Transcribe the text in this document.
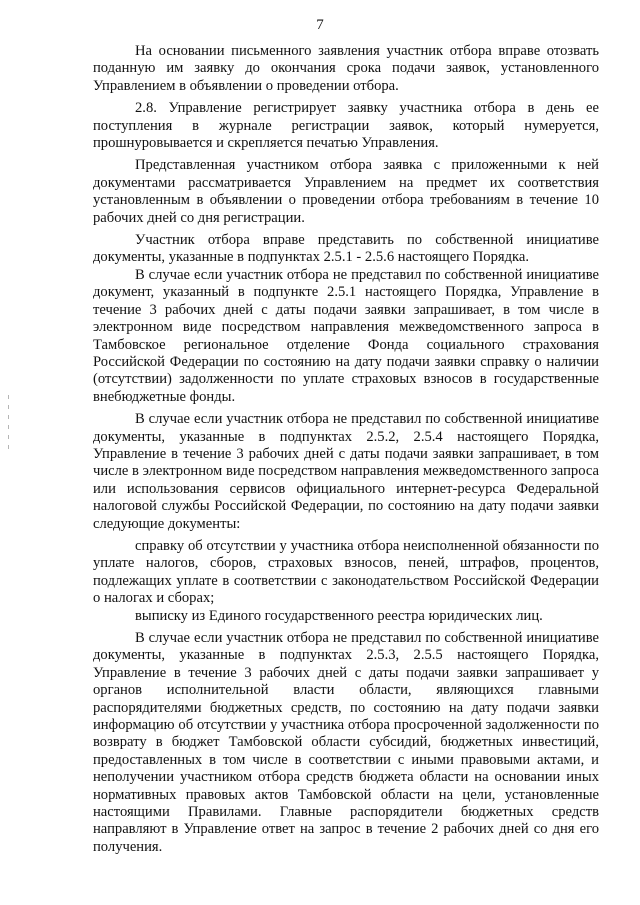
7

На основании письменного заявления участник отбора вправе отозвать поданную им заявку до окончания срока подачи заявок, установленного Управлением в объявлении о проведении отбора.

2.8. Управление регистрирует заявку участника отбора в день ее поступления в журнале регистрации заявок, который нумеруется, прошнуровывается и скрепляется печатью Управления.

Представленная участником отбора заявка с приложенными к ней документами рассматривается Управлением на предмет их соответствия установленным в объявлении о проведении отбора требованиям в течение 10 рабочих дней со дня регистрации.

Участник отбора вправе представить по собственной инициативе документы, указанные в подпунктах 2.5.1 - 2.5.6 настоящего Порядка.

В случае если участник отбора не представил по собственной инициативе документ, указанный в подпункте 2.5.1 настоящего Порядка, Управление в течение 3 рабочих дней с даты подачи заявки запрашивает, в том числе в электронном виде посредством направления межведомственного запроса в Тамбовское региональное отделение Фонда социального страхования Российской Федерации по состоянию на дату подачи заявки справку о наличии (отсутствии) задолженности по уплате страховых взносов в государственные внебюджетные фонды.

В случае если участник отбора не представил по собственной инициативе документы, указанные в подпунктах 2.5.2, 2.5.4 настоящего Порядка, Управление в течение 3 рабочих дней с даты подачи заявки запрашивает, в том числе в электронном виде посредством направления межведомственного запроса или использования сервисов официального интернет-ресурса Федеральной налоговой службы Российской Федерации, по состоянию на дату подачи заявки следующие документы:

справку об отсутствии у участника отбора неисполненной обязанности по уплате налогов, сборов, страховых взносов, пеней, штрафов, процентов, подлежащих уплате в соответствии с законодательством Российской Федерации о налогах и сборах;

выписку из Единого государственного реестра юридических лиц.

В случае если участник отбора не представил по собственной инициативе документы, указанные в подпунктах 2.5.3, 2.5.5 настоящего Порядка, Управление в течение 3 рабочих дней с даты подачи заявки запрашивает у органов исполнительной власти области, являющихся главными распорядителями бюджетных средств, по состоянию на дату подачи заявки информацию об отсутствии у участника отбора просроченной задолженности по возврату в бюджет Тамбовской области субсидий, бюджетных инвестиций, предоставленных в том числе в соответствии с иными правовыми актами, и неполучении участником отбора средств бюджета области на основании иных нормативных правовых актов Тамбовской области на цели, установленные настоящими Правилами. Главные распорядители бюджетных средств направляют в Управление ответ на запрос в течение 2 рабочих дней со дня его получения.
